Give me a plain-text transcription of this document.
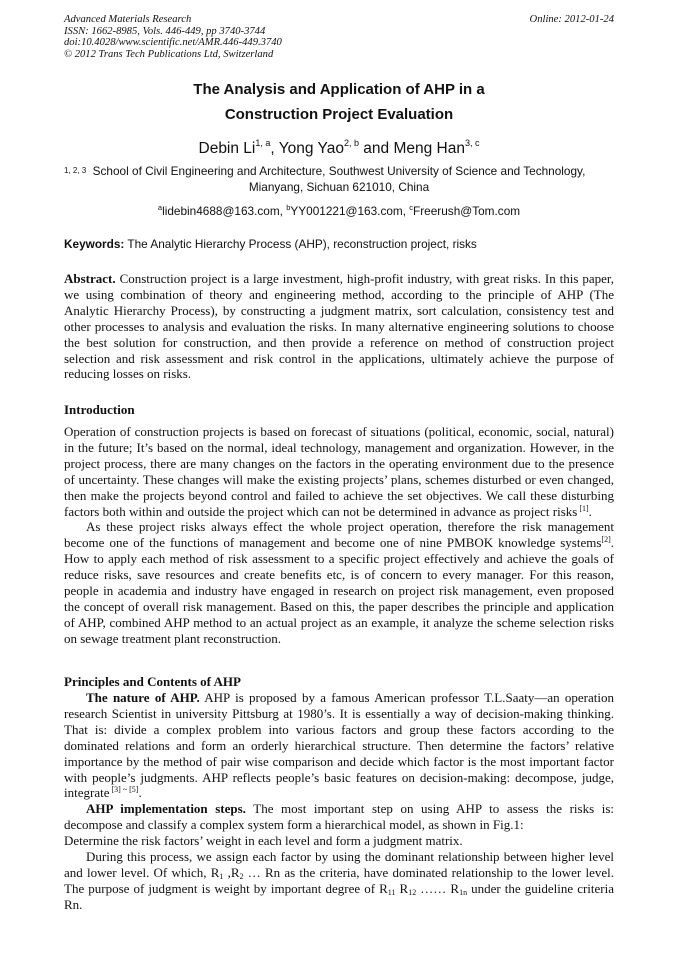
Advanced Materials Research
ISSN: 1662-8985, Vols. 446-449, pp 3740-3744
doi:10.4028/www.scientific.net/AMR.446-449.3740
© 2012 Trans Tech Publications Ltd, Switzerland
Online: 2012-01-24
The Analysis and Application of AHP in a
Construction Project Evaluation
Debin Li$^{1, a}$, Yong Yao$^{2, b}$ and Meng Han$^{3, c}$
1, 2, 3 School of Civil Engineering and Architecture, Southwest University of Science and Technology,
Mianyang, Sichuan 621010, China
$^a$lidebin4688@163.com, $^b$YY001221@163.com, $^c$Freerush@Tom.com
Keywords: The Analytic Hierarchy Process (AHP), reconstruction project, risks

Abstract. Construction project is a large investment, high-profit industry, with great risks. In this paper, we using combination of theory and engineering method, according to the principle of AHP (The Analytic Hierarchy Process), by constructing a judgment matrix, sort calculation, consistency test and other processes to analysis and evaluation the risks. In many alternative engineering solutions to choose the best solution for construction, and then provide a reference on method of construction project selection and risk assessment and risk control in the applications, ultimately achieve the purpose of reducing losses on risks.

Introduction

Operation of construction projects is based on forecast of situations (political, economic, social, natural) in the future; It’s based on the normal, ideal technology, management and organization. However, in the project process, there are many changes on the factors in the operating environment due to the presence of uncertainty. These changes will make the existing projects’ plans, schemes disturbed or even changed, then make the projects beyond control and failed to achieve the set objectives. We call these disturbing factors both within and outside the project which can not be determined in advance as project risks [1].

As these project risks always effect the whole project operation, therefore the risk management become one of the functions of management and become one of nine PMBOK knowledge systems[2]. How to apply each method of risk assessment to a specific project effectively and achieve the goals of reduce risks, save resources and create benefits etc, is of concern to every manager. For this reason, people in academia and industry have engaged in research on project risk management, even proposed the concept of overall risk management. Based on this, the paper describes the principle and application of AHP, combined AHP method to an actual project as an example, it analyze the scheme selection risks on sewage treatment plant reconstruction.

Principles and Contents of AHP

The nature of AHP. AHP is proposed by a famous American professor T.L.Saaty—an operation research Scientist in university Pittsburg at 1980’s. It is essentially a way of decision-making thinking. That is: divide a complex problem into various factors and group these factors according to the dominated relations and form an orderly hierarchical structure. Then determine the factors’ relative importance by the method of pair wise comparison and decide which factor is the most important factor with people’s judgments. AHP reflects people’s basic features on decision-making: decompose, judge, integrate [3] ~ [5].

AHP implementation steps. The most important step on using AHP to assess the risks is: decompose and classify a complex system form a hierarchical model, as shown in Fig.1:

Determine the risk factors’ weight in each level and form a judgment matrix.

During this process, we assign each factor by using the dominant relationship between higher level and lower level. Of which, $R_1$ $,R_2$ … Rn as the criteria, have dominated relationship to the lower level. The purpose of judgment is weight by important degree of $R_{11}$ $R_{12}$ …… $R_{1n}$ under the guideline criteria Rn.
